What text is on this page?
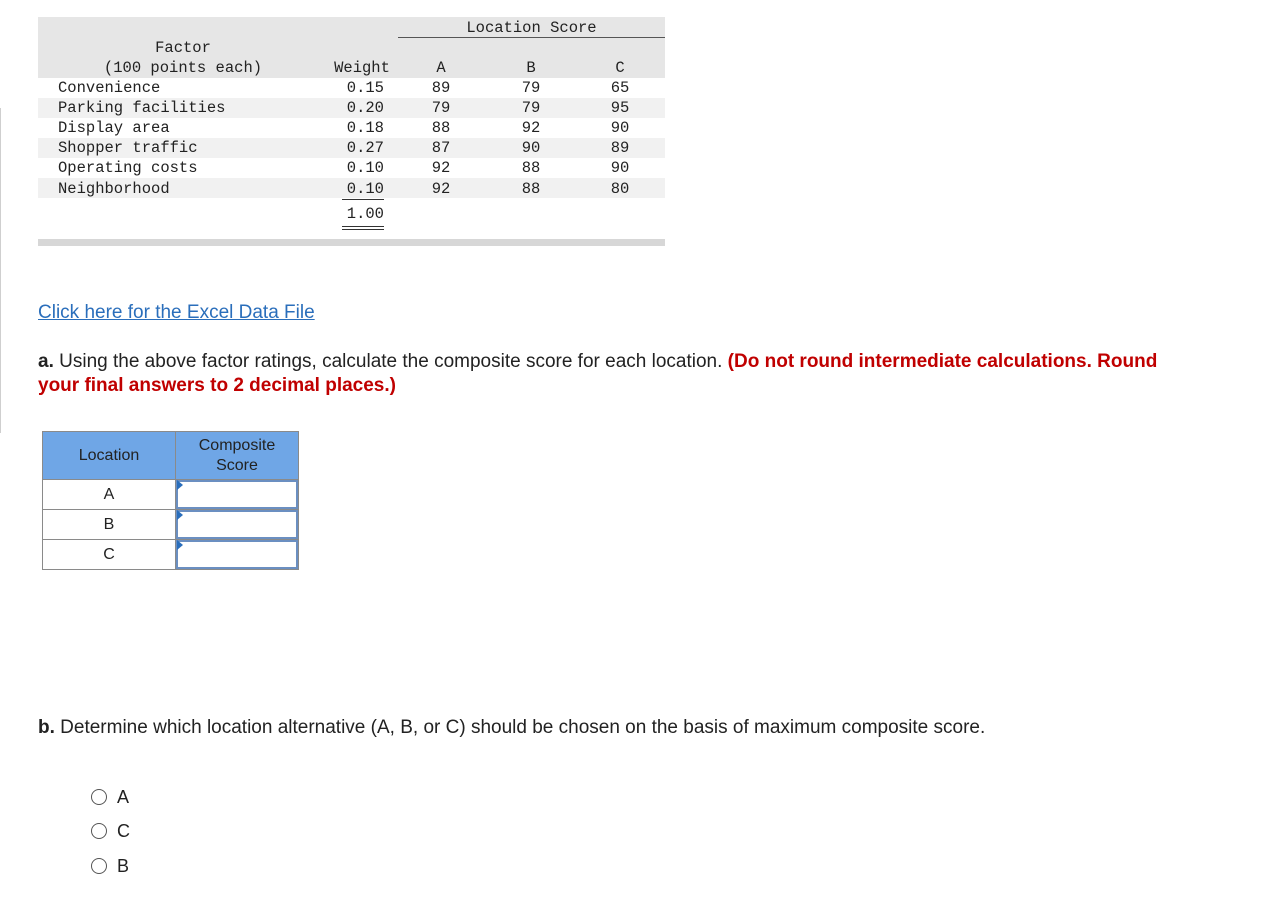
Location Score
Factor
(100 points each)	Weight	A	B	C
Convenience	0.15	89	79	65
Parking facilities	0.20	79	79	95
Display area	0.18	88	92	90
Shopper traffic	0.27	87	90	89
Operating costs	0.10	92	88	90
Neighborhood	0.10	92	88	80
1.00
Click here for the Excel Data File
a. Using the above factor ratings, calculate the composite score for each location. (Do not round intermediate calculations. Round
your final answers to 2 decimal places.)
Location	Composite
Score
A	

B	

C	
b. Determine which location alternative (A, B, or C) should be chosen on the basis of maximum composite score.
A
C
B
